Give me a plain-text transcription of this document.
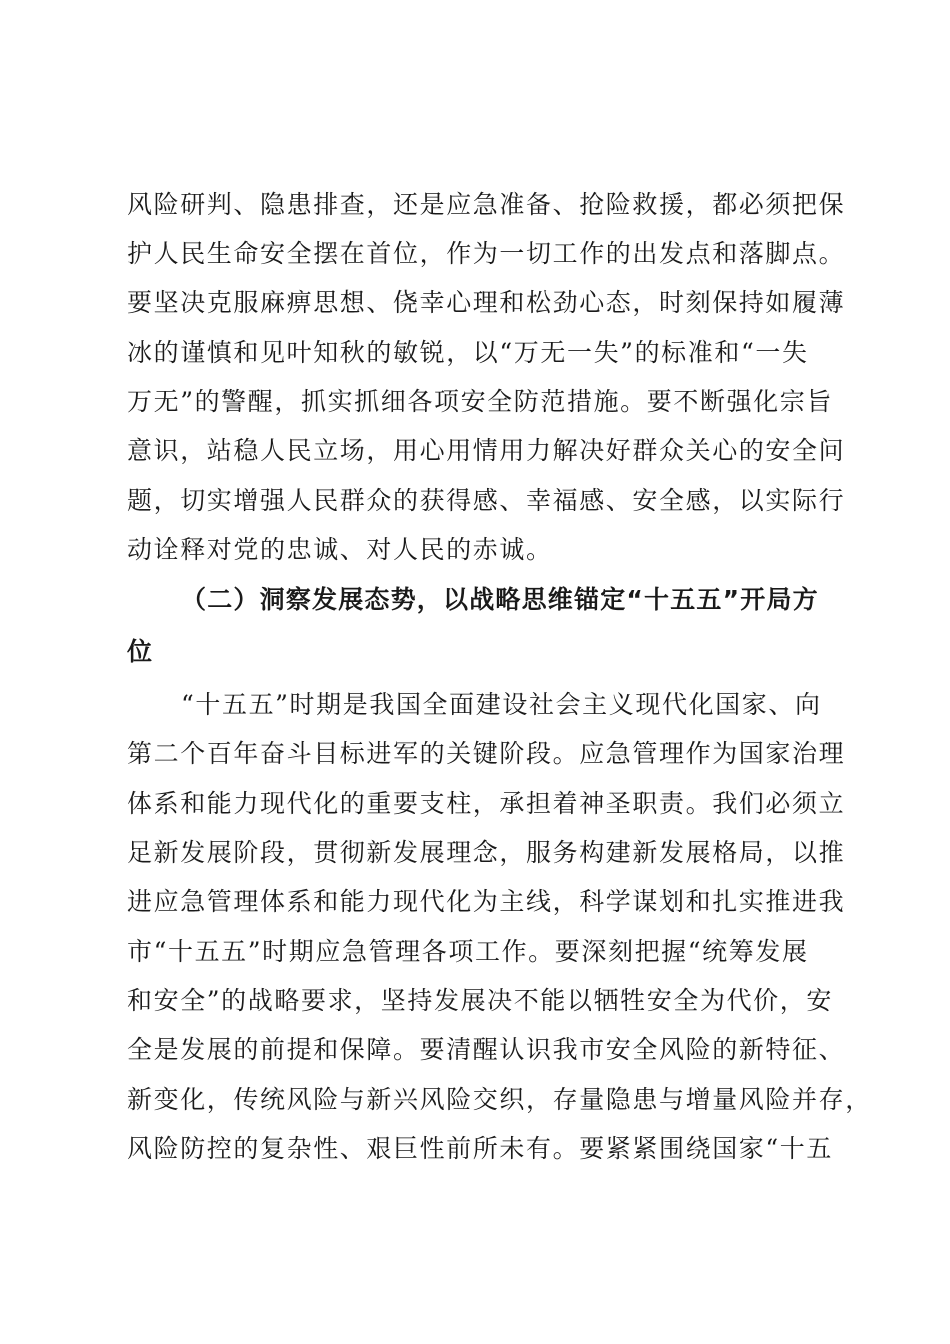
风险研判、隐患排查，还是应急准备、抢险救援，都必须把保
护人民生命安全摆在首位，作为一切工作的出发点和落脚点。
要坚决克服麻痹思想、侥幸心理和松劲心态，时刻保持如履薄
冰的谨慎和见叶知秋的敏锐，以“万无一失”的标准和“一失
万无”的警醒，抓实抓细各项安全防范措施。要不断强化宗旨
意识，站稳人民立场，用心用情用力解决好群众关心的安全问
题，切实增强人民群众的获得感、幸福感、安全感，以实际行
动诠释对党的忠诚、对人民的赤诚。
（二）洞察发展态势，以战略思维锚定“十五五”开局方
位
“十五五”时期是我国全面建设社会主义现代化国家、向
第二个百年奋斗目标进军的关键阶段。应急管理作为国家治理
体系和能力现代化的重要支柱，承担着神圣职责。我们必须立
足新发展阶段，贯彻新发展理念，服务构建新发展格局，以推
进应急管理体系和能力现代化为主线，科学谋划和扎实推进我
市“十五五”时期应急管理各项工作。要深刻把握“统筹发展
和安全”的战略要求，坚持发展决不能以牺牲安全为代价，安
全是发展的前提和保障。要清醒认识我市安全风险的新特征、
新变化，传统风险与新兴风险交织，存量隐患与增量风险并存，
风险防控的复杂性、艰巨性前所未有。要紧紧围绕国家“十五
